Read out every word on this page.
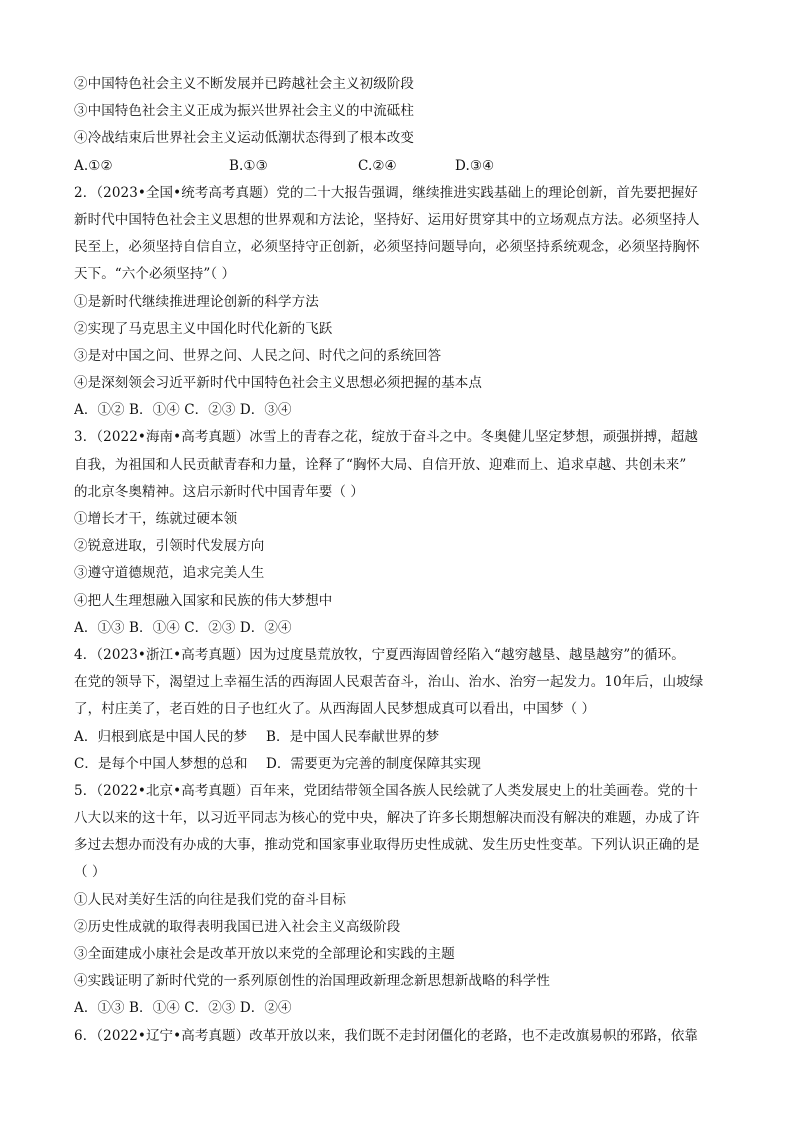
②中国特色社会主义不断发展并已跨越社会主义初级阶段
③中国特色社会主义正成为振兴世界社会主义的中流砥柱
④冷战结束后世界社会主义运动低潮状态得到了根本改变
A.①②	B.①③	C.②④	D.③④
2．（2023•全国•统考高考真题）党的二十大报告强调，继续推进实践基础上的理论创新，首先要把握好
新时代中国特色社会主义思想的世界观和方法论，坚持好、运用好贯穿其中的立场观点方法。必须坚持人
民至上，必须坚持自信自立，必须坚持守正创新，必须坚持问题导向，必须坚持系统观念，必须坚持胸怀
天下。“六个必须坚持”（ ）
①是新时代继续推进理论创新的科学方法
②实现了马克思主义中国化时代化新的飞跃
③是对中国之问、世界之问、人民之问、时代之问的系统回答
④是深刻领会习近平新时代中国特色社会主义思想必须把握的基本点
A．①② B．①④ C．②③ D．③④
3．（2022•海南•高考真题）冰雪上的青春之花，绽放于奋斗之中。冬奥健儿坚定梦想，顽强拼搏，超越
自我，为祖国和人民贡献青春和力量，诠释了“胸怀大局、自信开放、迎难而上、追求卓越、共创未来”
的北京冬奥精神。这启示新时代中国青年要（ ）
①增长才干，练就过硬本领
②锐意进取，引领时代发展方向
③遵守道德规范，追求完美人生
④把人生理想融入国家和民族的伟大梦想中
A．①③ B．①④ C．②③ D．②④
4．（2023•浙江•高考真题）因为过度垦荒放牧，宁夏西海固曾经陷入“越穷越垦、越垦越穷”的循环。
在党的领导下，渴望过上幸福生活的西海固人民艰苦奋斗，治山、治水、治穷一起发力。10年后，山坡绿
了，村庄美了，老百姓的日子也红火了。从西海固人民梦想成真可以看出，中国梦（ ）
A．归根到底是中国人民的梦 B．是中国人民奉献世界的梦
C．是每个中国人梦想的总和 D．需要更为完善的制度保障其实现
5．（2022•北京•高考真题）百年来，党团结带领全国各族人民绘就了人类发展史上的壮美画卷。党的十
八大以来的这十年，以习近平同志为核心的党中央，解决了许多长期想解决而没有解决的难题，办成了许
多过去想办而没有办成的大事，推动党和国家事业取得历史性成就、发生历史性变革。下列认识正确的是
（ ）
①人民对美好生活的向往是我们党的奋斗目标
②历史性成就的取得表明我国已进入社会主义高级阶段
③全面建成小康社会是改革开放以来党的全部理论和实践的主题
④实践证明了新时代党的一系列原创性的治国理政新理念新思想新战略的科学性
A．①③ B．①④ C．②③ D．②④
6．（2022•辽宁•高考真题）改革开放以来，我们既不走封闭僵化的老路，也不走改旗易帜的邪路，依靠
